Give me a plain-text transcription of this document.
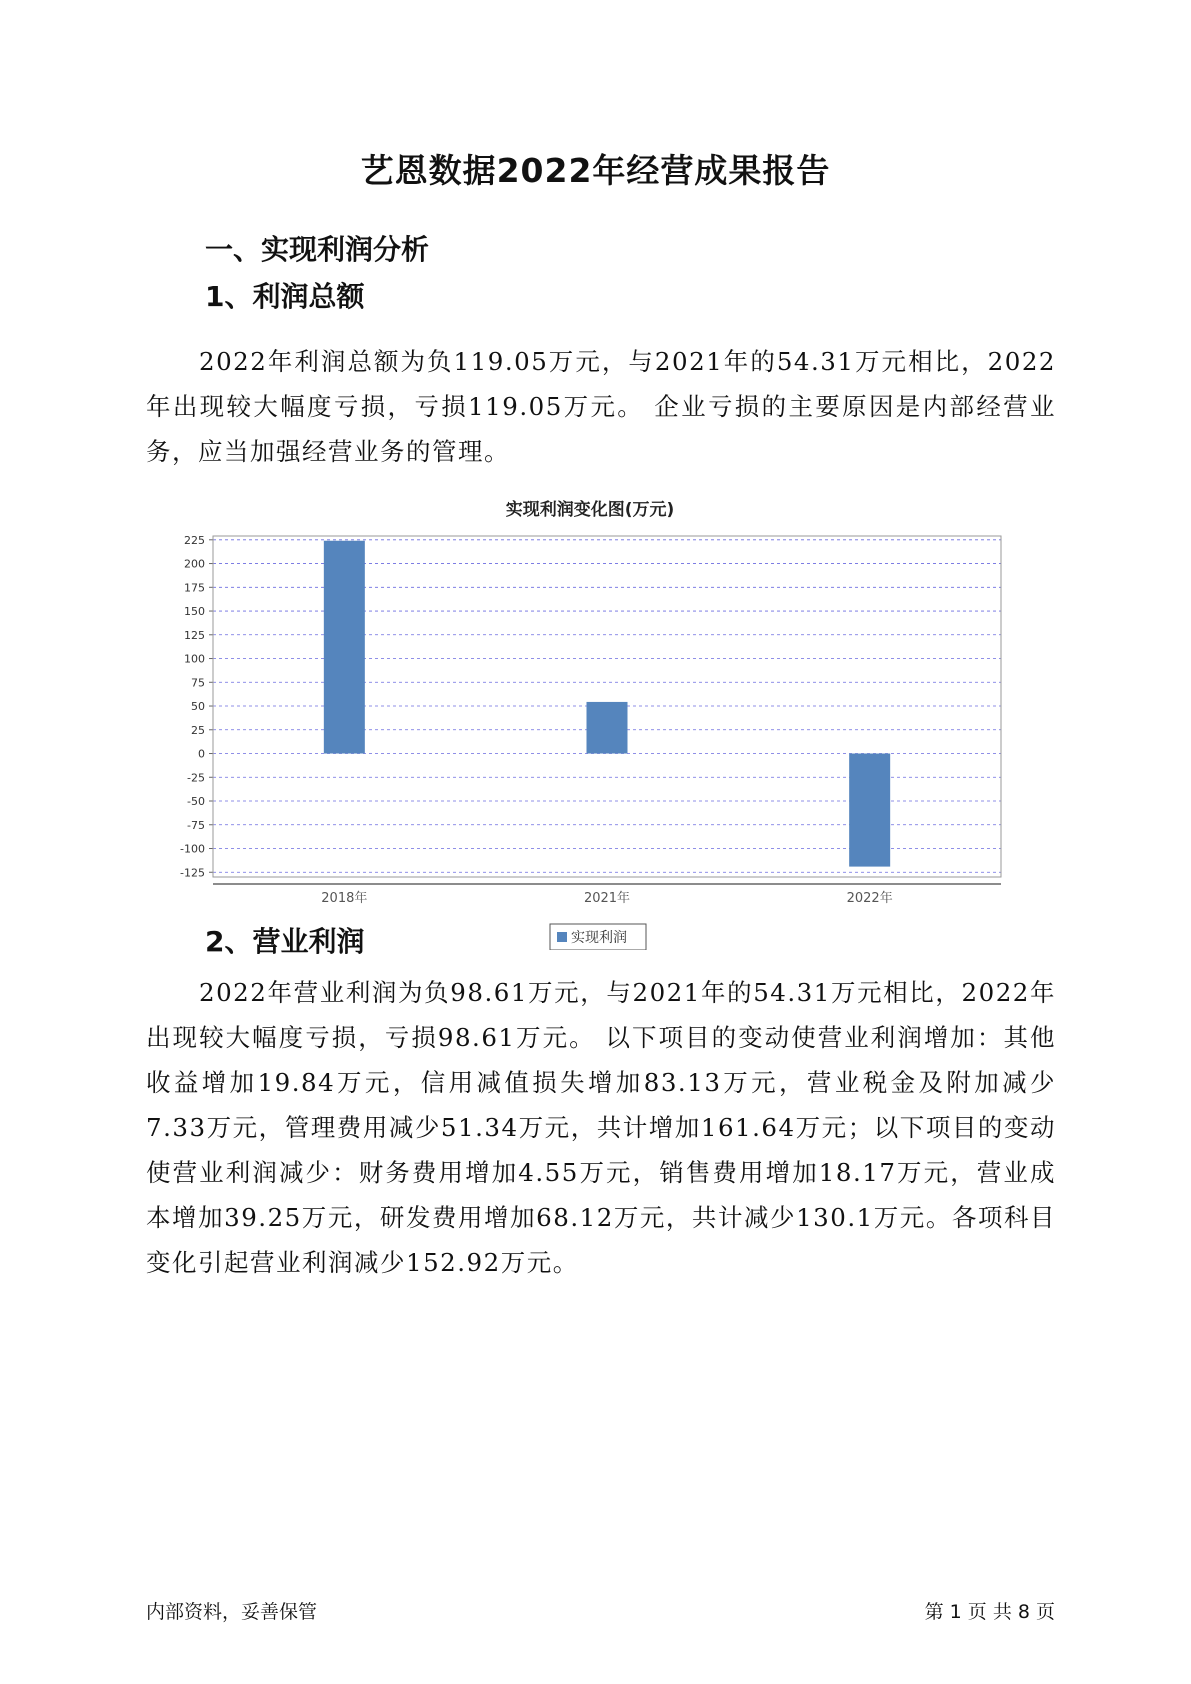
艺恩数据2022年经营成果报告
一、实现利润分析
1、利润总额

2022年利润总额为负119.05万元，与2021年的54.31万元相比，2022年出现较大幅度亏损，亏损119.05万元。 企业亏损的主要原因是内部经营业务，应当加强经营业务的管理。

实现利润变化图(万元)
225
200
175
150
125
100
75
50
25
0
-25
-50
-75
-100
-125
2018年	2021年	2022年
实现利润
2、营业利润

2022年营业利润为负98.61万元，与2021年的54.31万元相比，2022年出现较大幅度亏损，亏损98.61万元。 以下项目的变动使营业利润增加：其他收益增加19.84万元，信用减值损失增加83.13万元，营业税金及附加减少7.33万元，管理费用减少51.34万元，共计增加161.64万元；以下项目的变动使营业利润减少：财务费用增加4.55万元，销售费用增加18.17万元，营业成本增加39.25万元，研发费用增加68.12万元，共计减少130.1万元。各项科目变化引起营业利润减少152.92万元。

内部资料，妥善保管	第 1 页 共 8 页
